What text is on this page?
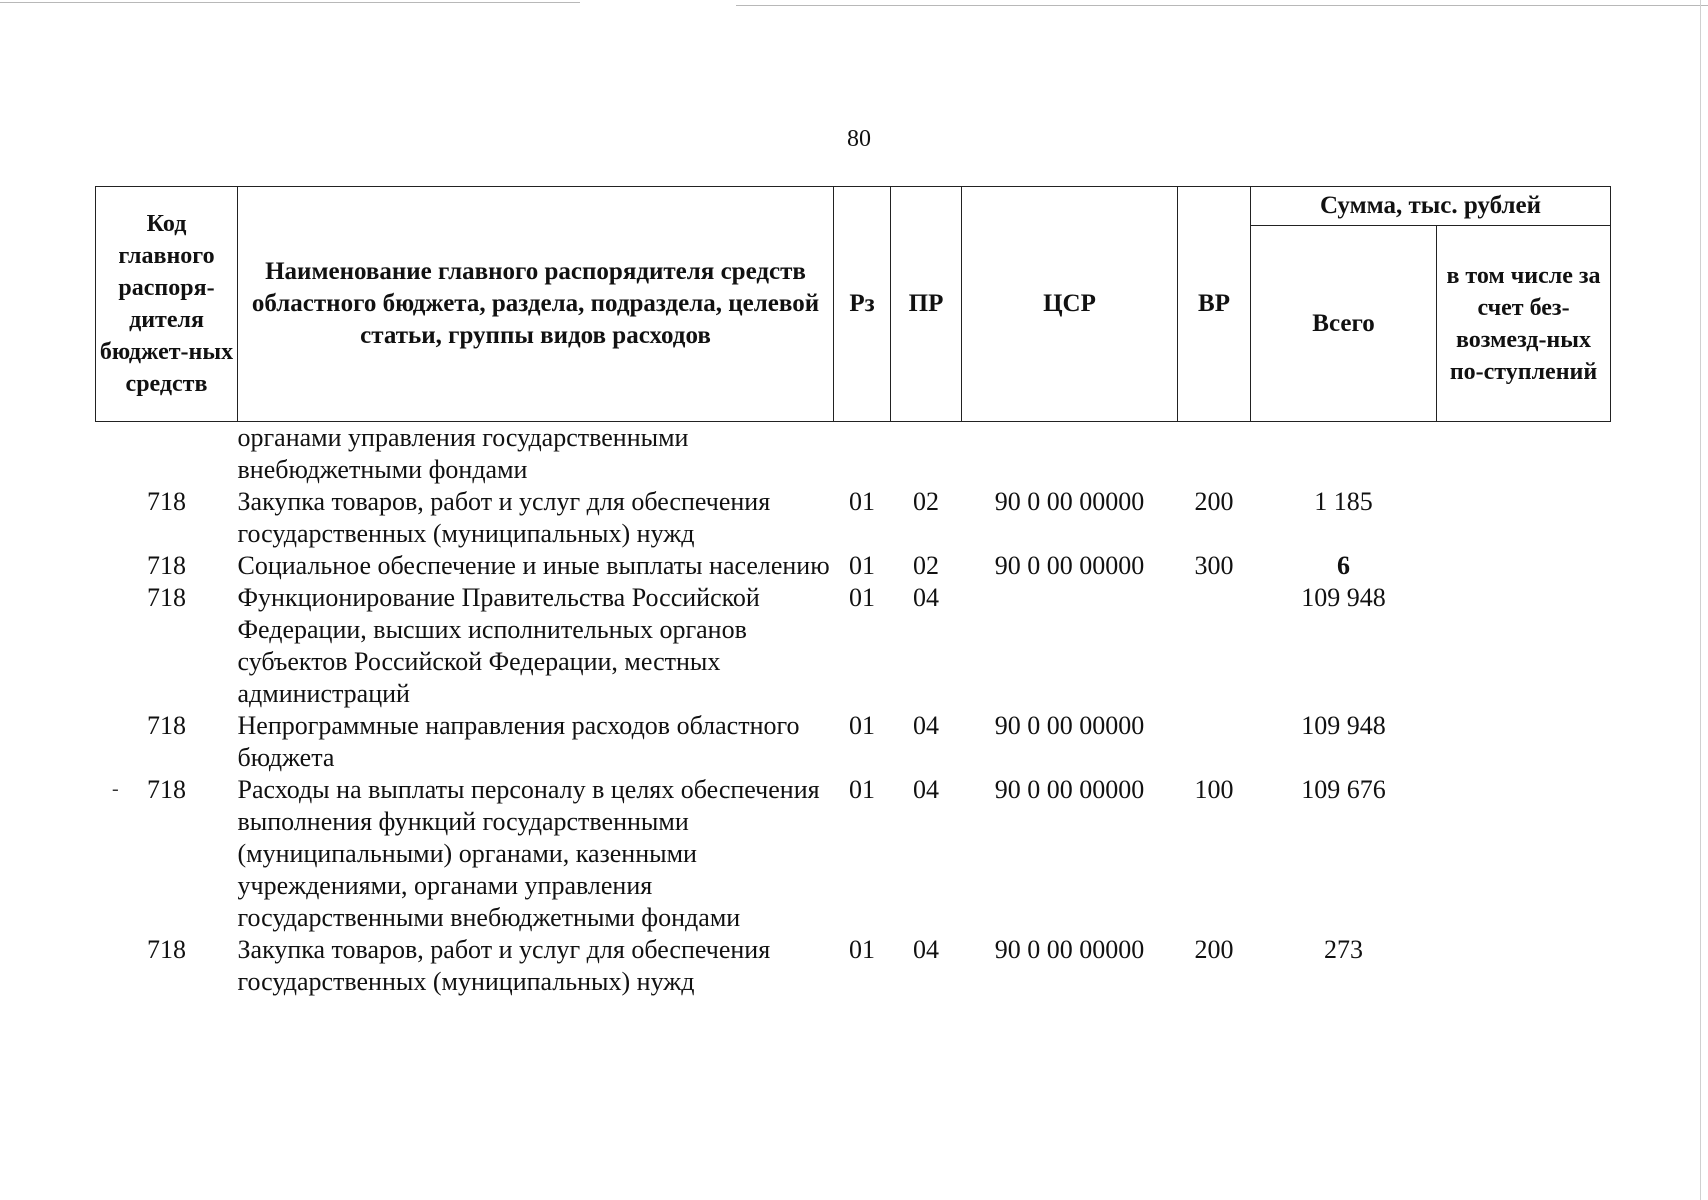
80
‐
Код главного распоря-дителя бюджет-ных средств	Наименование главного распорядителя средств областного бюджета, раздела, подраздела, целевой статьи, группы видов расходов	Рз	ПР	ЦСР	ВР	Сумма, тыс. рублей	
						Всего	в том числе за счет без-возмезд-ных по-ступлений
	органами управления государственными внебюджетными фондами						
718	Закупка товаров, работ и услуг для обеспечения государственных (муниципальных) нужд	01	02	90 0 00 00000	200	1 185	
718	Социальное обеспечение и иные выплаты населению	01	02	90 0 00 00000	300	6	
718	Функционирование Правительства Российской Федерации, высших исполнительных органов субъектов Российской Федерации, местных администраций	01	04			109 948	
718	Непрограммные направления расходов областного бюджета	01	04	90 0 00 00000		109 948	
718	Расходы на выплаты персоналу в целях обеспечения выполнения функций государственными (муниципальными) органами, казенными учреждениями, органами управления государственными внебюджетными фондами	01	04	90 0 00 00000	100	109 676	
718	Закупка товаров, работ и услуг для обеспечения государственных (муниципальных) нужд	01	04	90 0 00 00000	200	273	
